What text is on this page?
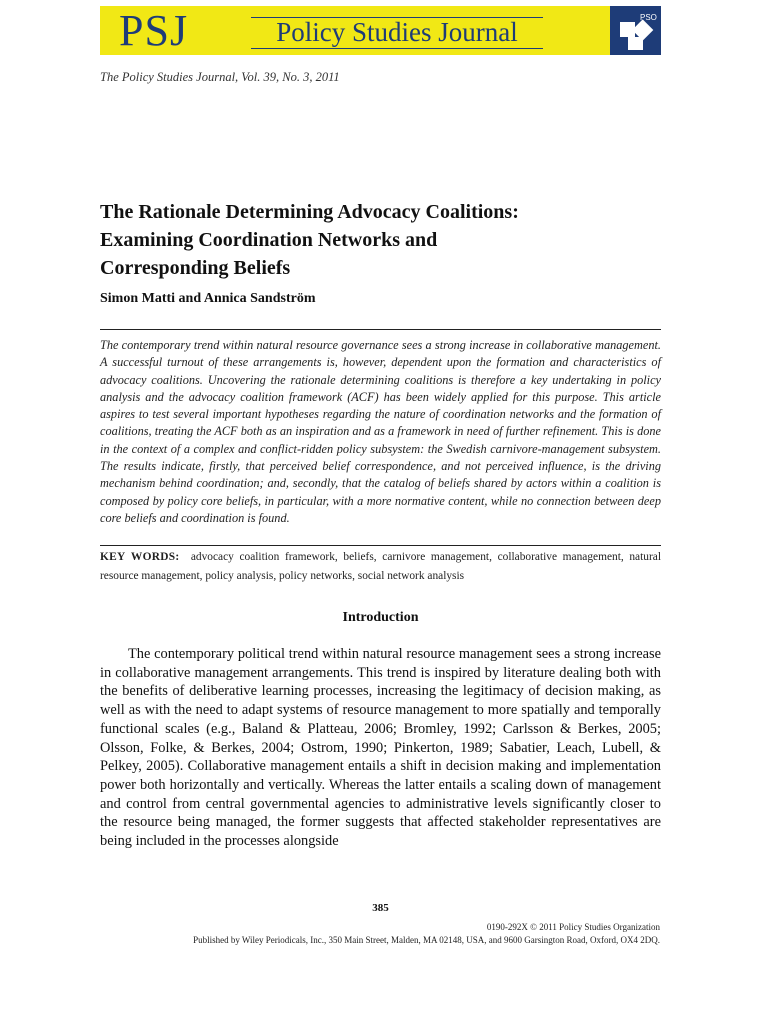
PSJ	Policy Studies Journal	PSO
The Policy Studies Journal, Vol. 39, No. 3, 2011
The Rationale Determining Advocacy Coalitions:
Examining Coordination Networks and
Corresponding Beliefs
Simon Matti and Annica Sandström

The contemporary trend within natural resource governance sees a strong increase in collaborative management. A successful turnout of these arrangements is, however, dependent upon the formation and characteristics of advocacy coalitions. Uncovering the rationale determining coalitions is therefore a key undertaking in policy analysis and the advocacy coalition framework (ACF) has been widely applied for this purpose. This article aspires to test several important hypotheses regarding the nature of coordination networks and the formation of coalitions, treating the ACF both as an inspiration and as a framework in need of further refinement. This is done in the context of a complex and conflict-ridden policy subsystem: the Swedish carnivore-management subsystem. The results indicate, firstly, that perceived belief correspondence, and not perceived influence, is the driving mechanism behind coordination; and, secondly, that the catalog of beliefs shared by actors within a coalition is composed by policy core beliefs, in particular, with a more normative content, while no connection between deep core beliefs and coordination is found.

KEY WORDS: advocacy coalition framework, beliefs, carnivore management, collaborative management, natural resource management, policy analysis, policy networks, social network analysis

Introduction

The contemporary political trend within natural resource management sees a strong increase in collaborative management arrangements. This trend is inspired by literature dealing both with the benefits of deliberative learning processes, increasing the legitimacy of decision making, as well as with the need to adapt systems of resource management to more spatially and temporally functional scales (e.g., Baland & Platteau, 2006; Bromley, 1992; Carlsson & Berkes, 2005; Olsson, Folke, & Berkes, 2004; Ostrom, 1990; Pinkerton, 1989; Sabatier, Leach, Lubell, & Pelkey, 2005). Collaborative management entails a shift in decision making and implementation power both horizontally and vertically. Whereas the latter entails a scaling down of management and control from central governmental agencies to administrative levels significantly closer to the resource being managed, the former suggests that affected stakeholder representatives are being included in the processes alongside

385
0190-292X © 2011 Policy Studies Organization
Published by Wiley Periodicals, Inc., 350 Main Street, Malden, MA 02148, USA, and 9600 Garsington Road, Oxford, OX4 2DQ.
